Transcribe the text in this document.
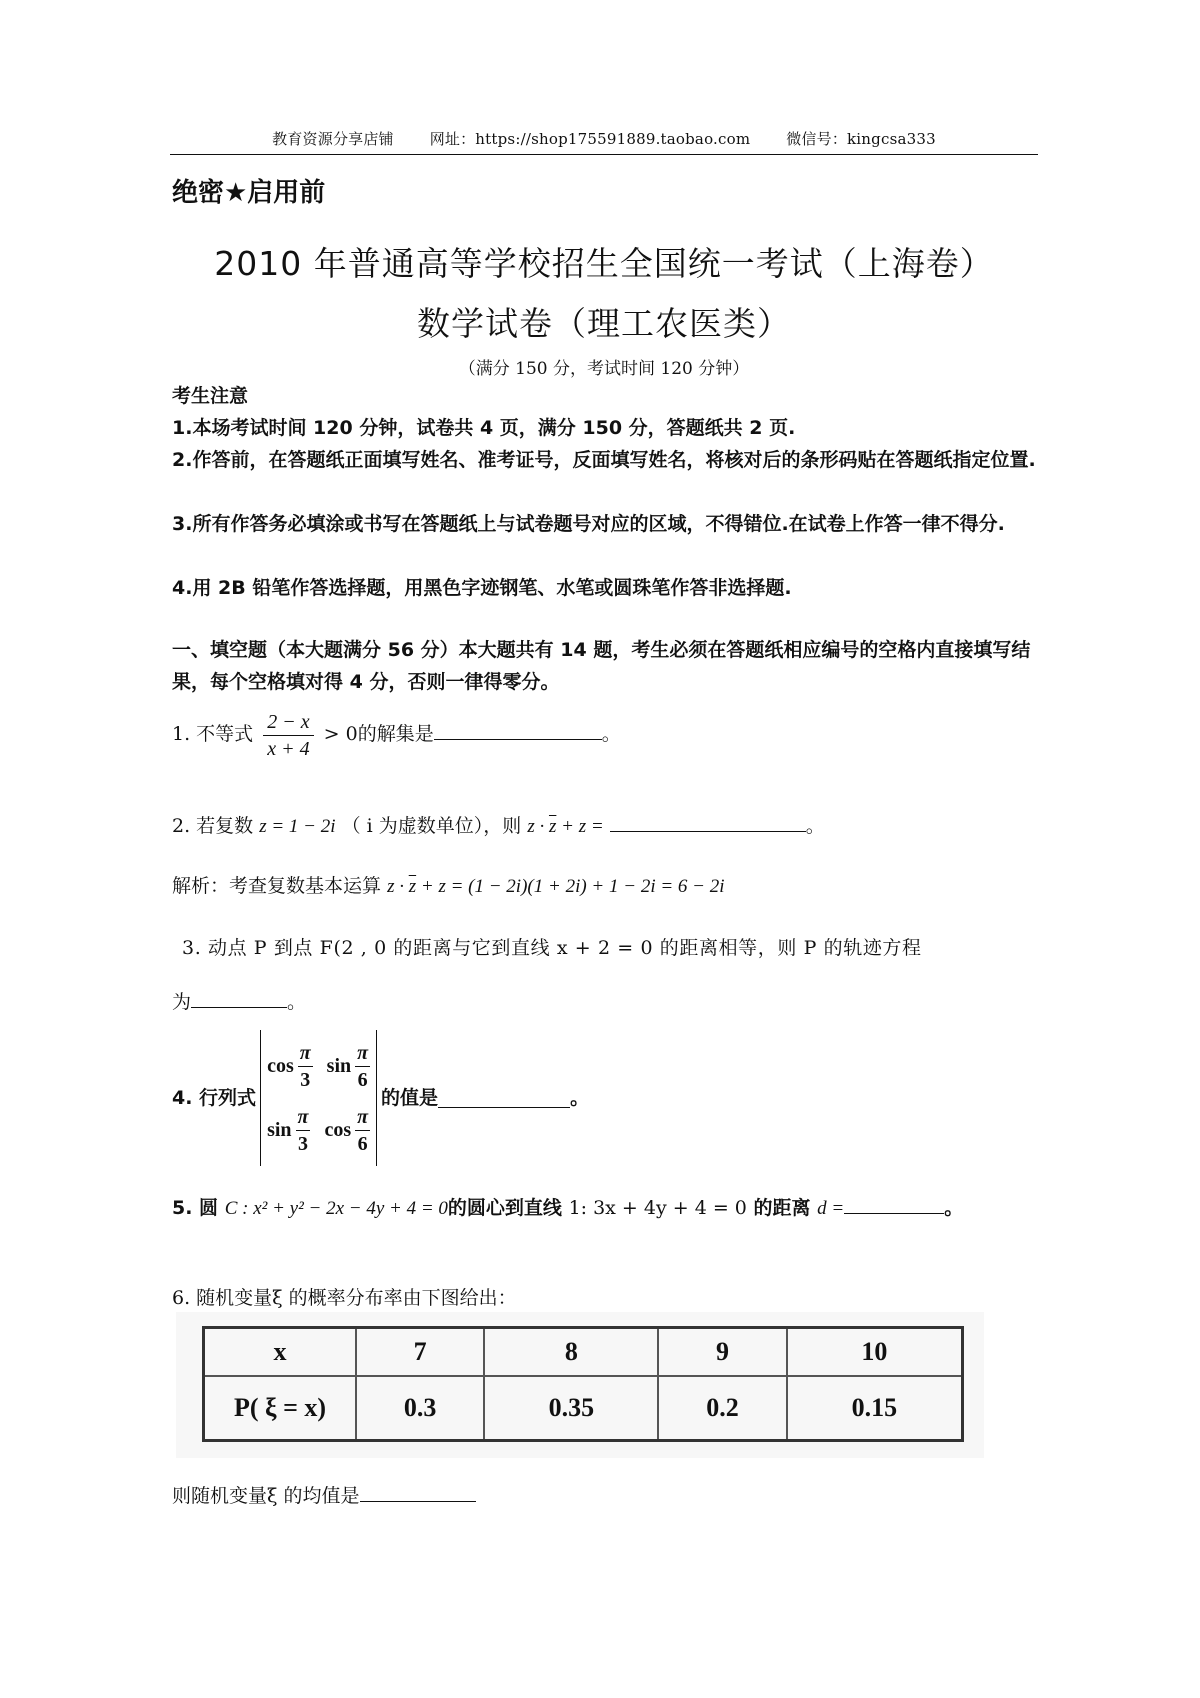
教育资源分享店铺 网址：https://shop175591889.taobao.com 微信号：kingcsa333
绝密★启用前
2010 年普通高等学校招生全国统一考试（上海卷）
数学试卷（理工农医类）
（满分 150 分，考试时间 120 分钟）
考生注意
1.本场考试时间 120 分钟，试卷共 4 页，满分 150 分，答题纸共 2 页.
2.作答前，在答题纸正面填写姓名、准考证号，反面填写姓名，将核对后的条形码贴在答题纸指定位置.
3.所有作答务必填涂或书写在答题纸上与试卷题号对应的区域，不得错位.在试卷上作答一律不得分.
4.用 2B 铅笔作答选择题，用黑色字迹钢笔、水笔或圆珠笔作答非选择题.
一、填空题（本大题满分 56 分）本大题共有 14 题，考生必须在答题纸相应编号的空格内直接填写结果，每个空格填对得 4 分，否则一律得零分。
1. 不等式 $\frac{2 - x}{x + 4} > 0$的解集是	。
2. 若复数 z = 1 − 2i （ i 为虚数单位），则 $z \cdot \overline{z} + z$ =	。
解析：考查复数基本运算 $z \cdot \overline{z} + z = (1 - 2i)(1 + 2i) + 1 - 2i = 6 - 2i$
3. 动点 P 到点 F(2 , 0 的距离与它到直线 x + 2 = 0 的距离相等，则 P 的轨迹方程
为	。
4. 行列式
$\cos \frac{\pi}{3}$ $\sin \frac{\pi}{6}$
$\sin \frac{\pi}{3}$ $\cos \frac{\pi}{6}$
的值是	。
5. 圆 C : x² + y² − 2x − 4y + 4 = 0的圆心到直线 1: 3x + 4y + 4 = 0 的距离 d =	。
6. 随机变量ξ 的概率分布率由下图给出：
x	7	8	9	10
P( ξ = x)	0.3	0.35	0.2	0.15
则随机变量ξ 的均值是
